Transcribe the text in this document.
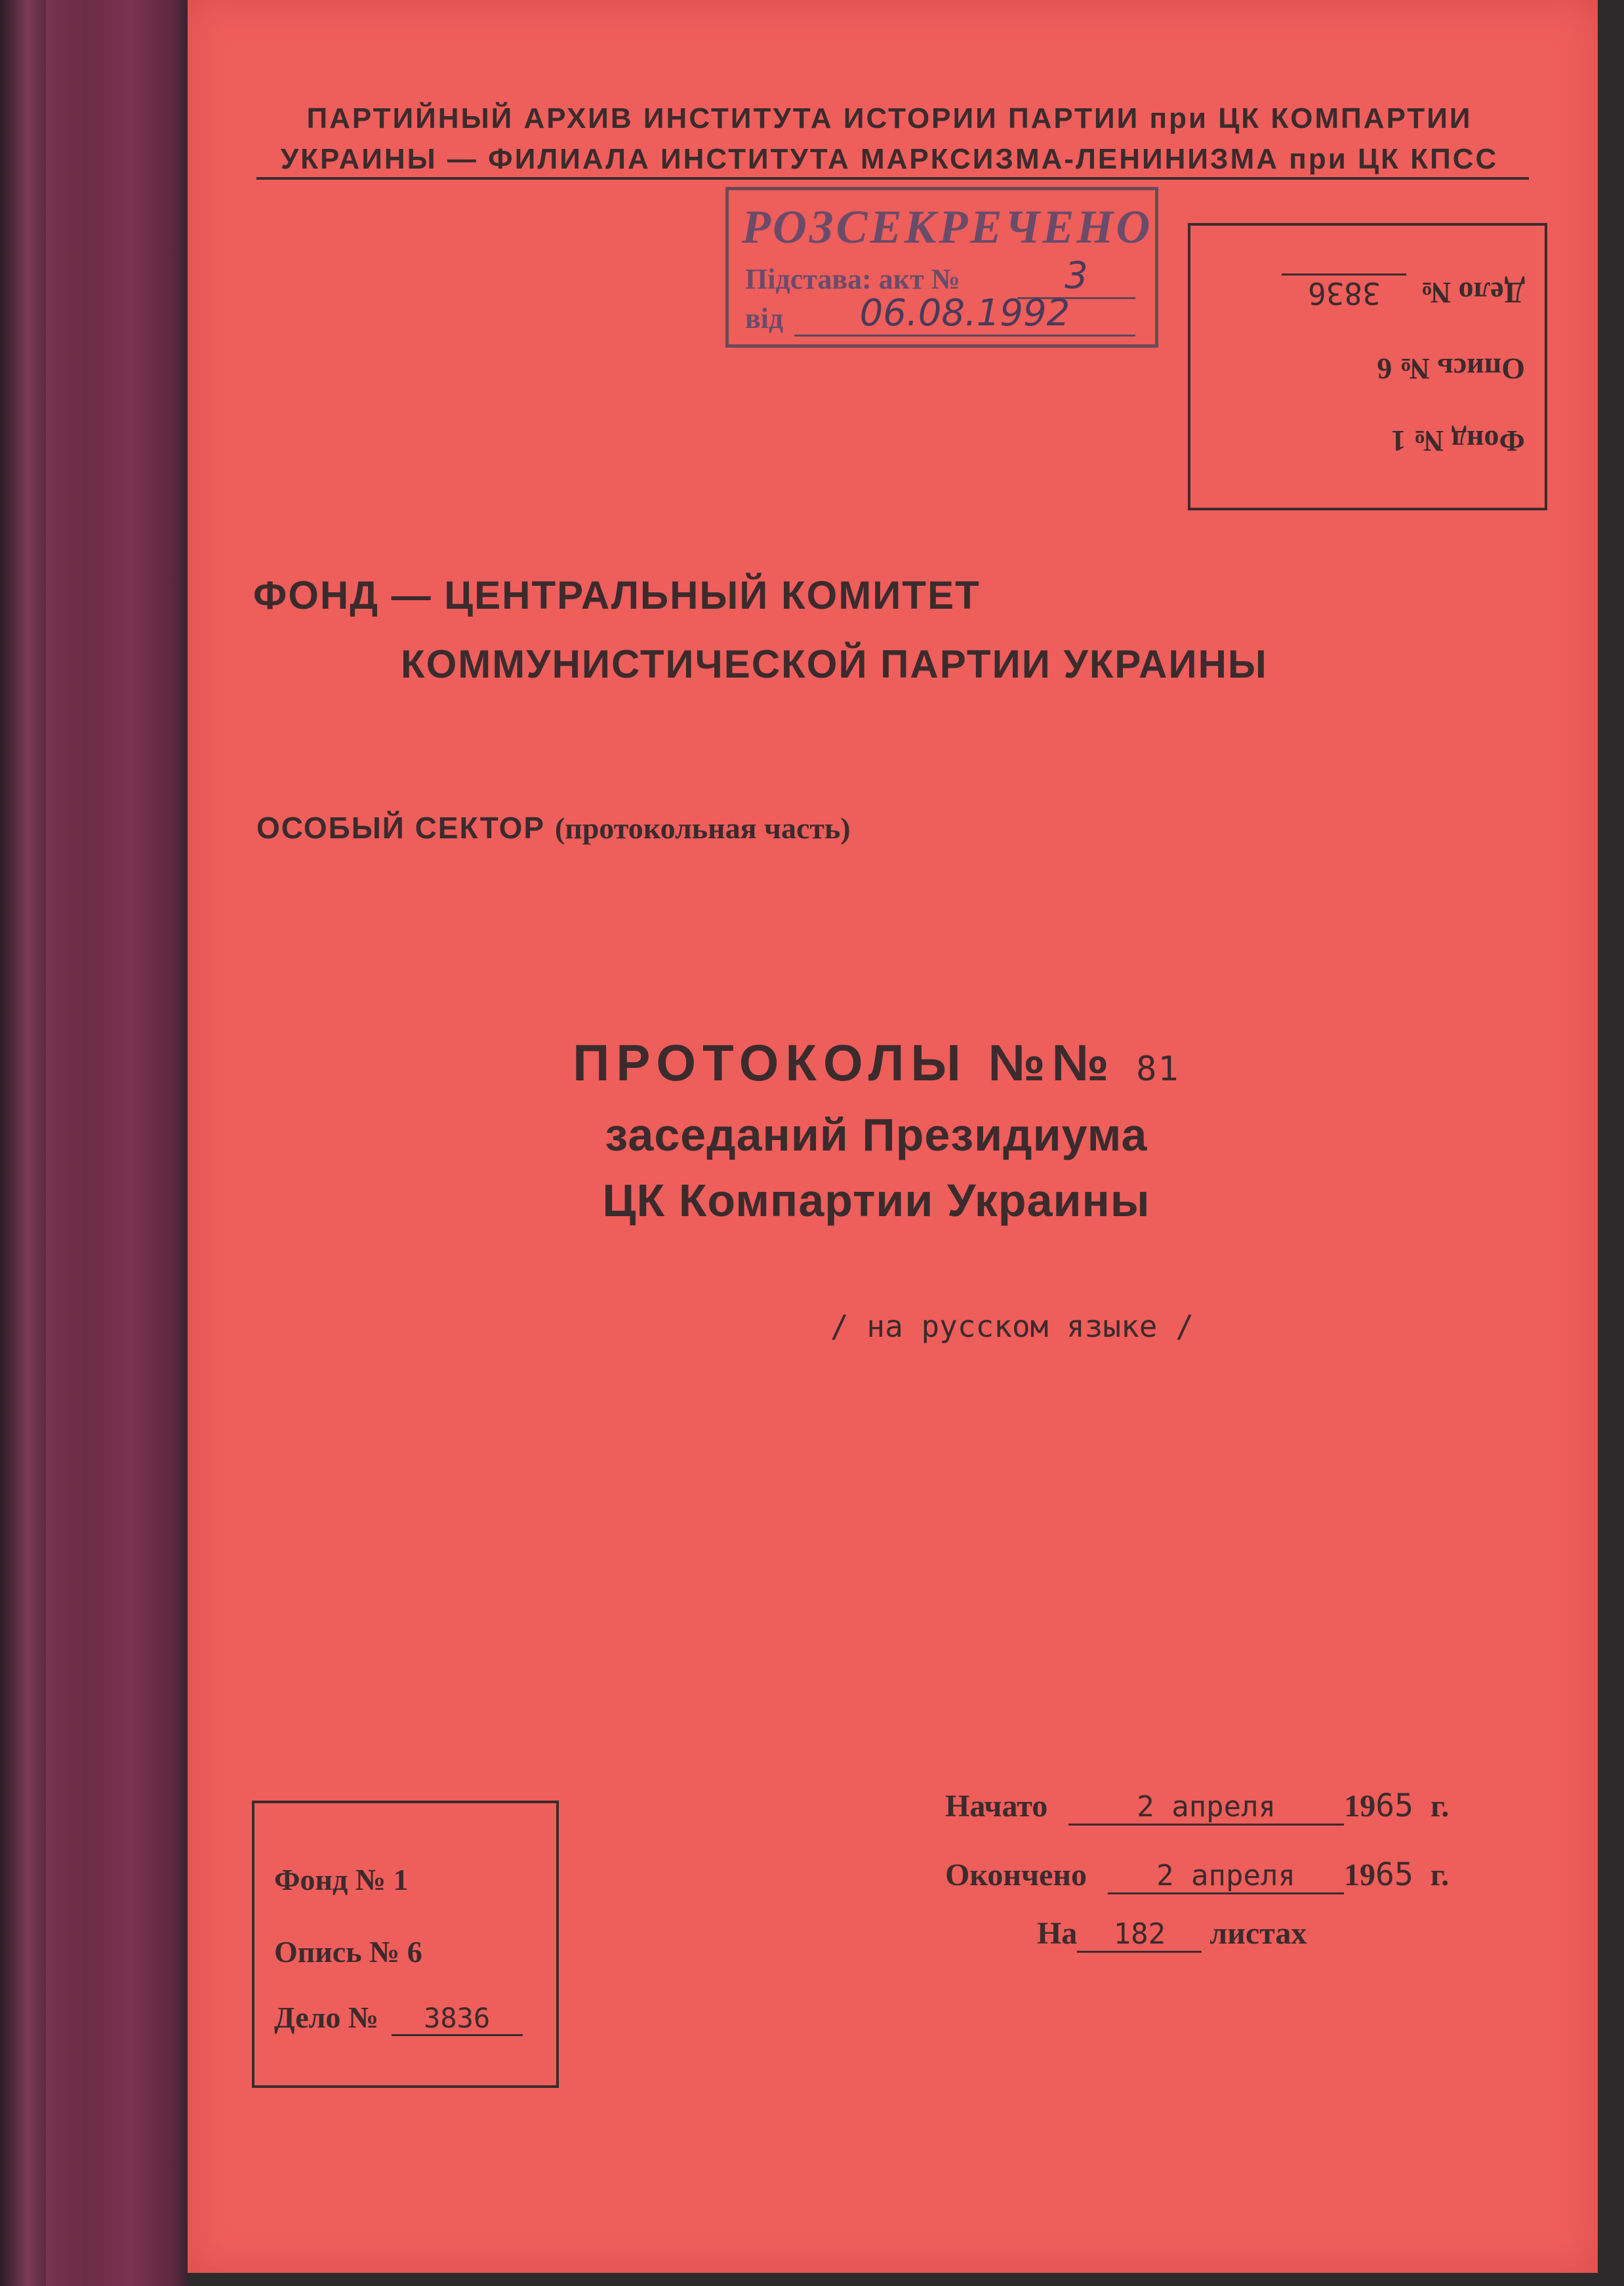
ПАРТИЙНЫЙ АРХИВ ИНСТИТУТА ИСТОРИИ ПАРТИИ при ЦК КОМПАРТИИ
УКРАИНЫ — ФИЛИАЛА ИНСТИТУТА МАРКСИЗМА-ЛЕНИНИЗМА при ЦК КПСС
РОЗСЕКРЕЧЕНО
Підстава: акт №	3
від	06.08.1992
Фонд № 1
Опись № 6
Дело № 3836
ФОНД — ЦЕНТРАЛЬНЫЙ КОМИТЕТ
КОММУНИСТИЧЕСКОЙ ПАРТИИ УКРАИНЫ
ОСОБЫЙ СЕКТОР (протокольная часть)
ПРОТОКОЛЫ №№ 81
заседаний Президиума
ЦК Компартии Украины
/ на русском языке /
Фонд № 1
Опись № 6
Дело № 3836
Начато	2 апреля 1965 г.
Окончено 2 апреля 1965 г.
На 182 листах
